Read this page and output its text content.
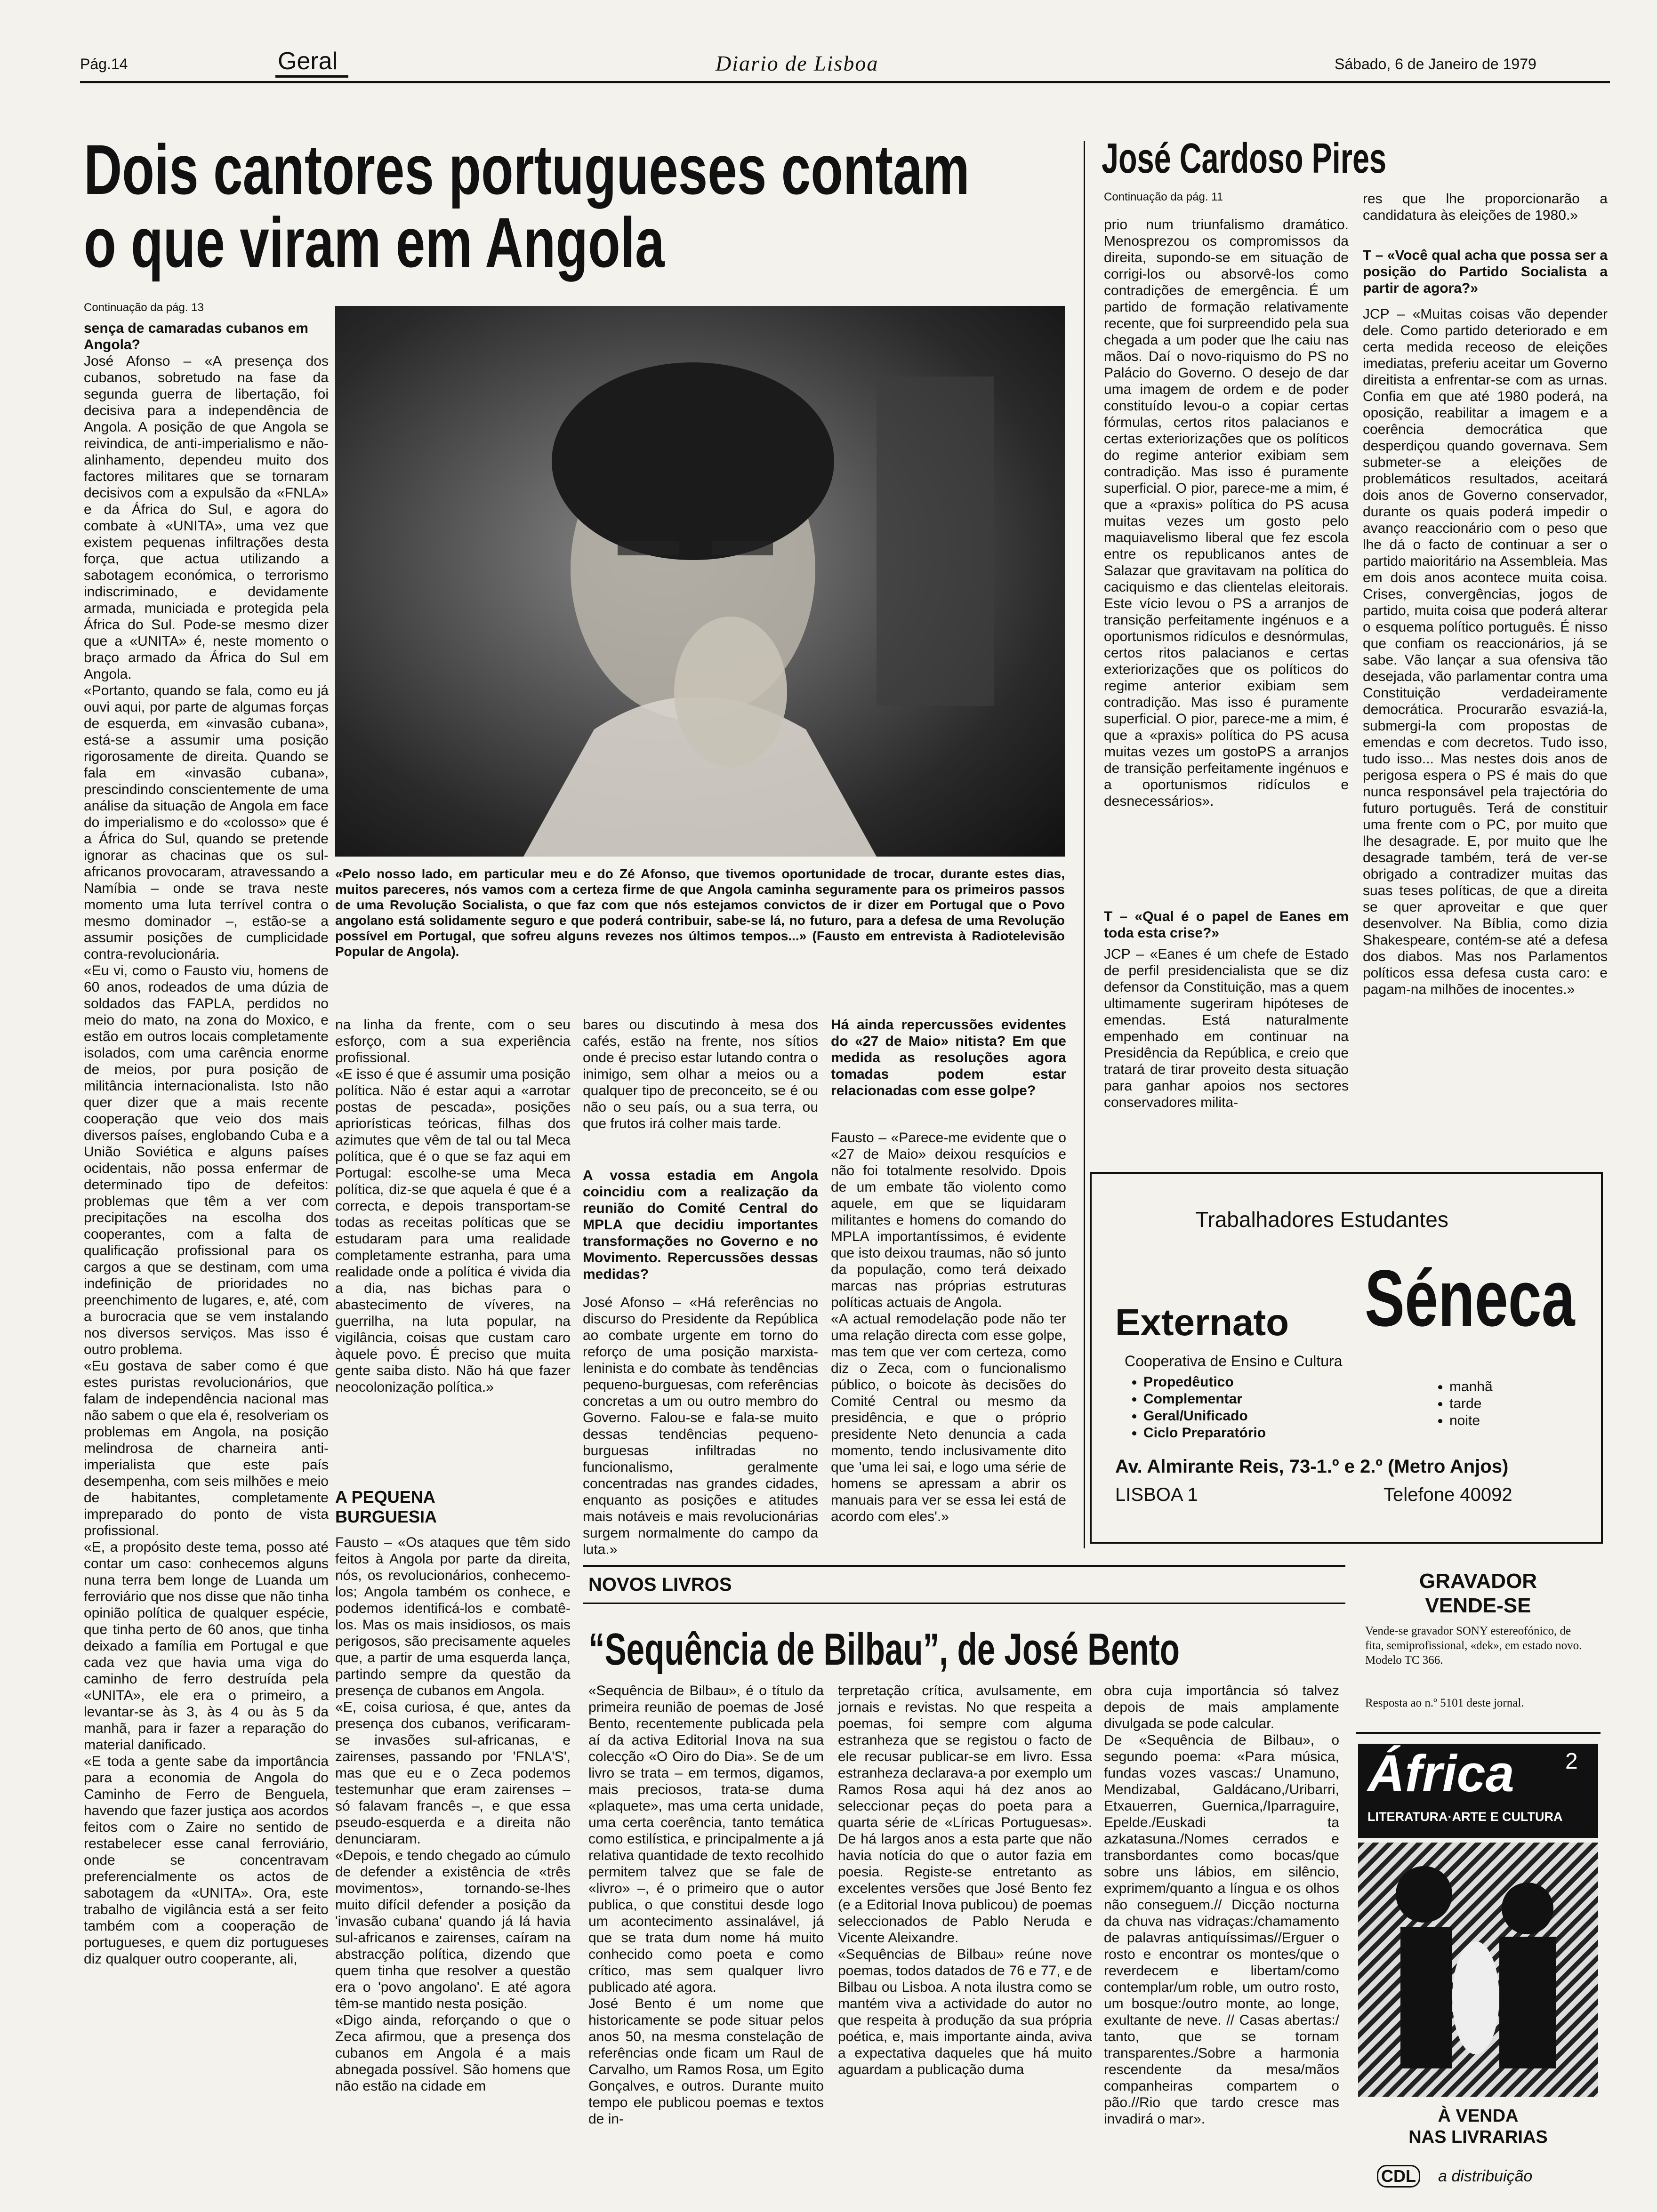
Pág.14	Geral	Diario de Lisboa	Sábado, 6 de Janeiro de 1979
Dois cantores portugueses contam
o que viram em Angola
Continuação da pág. 13
sença de camaradas cubanos em Angola?
José Afonso – «A presença dos cubanos, sobretudo na fase da segunda guerra de libertação, foi decisiva para a independência de Angola. A posição de que Angola se reivindica, de anti-imperialismo e não-alinhamento, dependeu muito dos factores militares que se tornaram decisivos com a expulsão da «FNLA» e da África do Sul, e agora do combate à «UNITA», uma vez que existem pequenas infiltrações desta força, que actua utilizando a sabotagem económica, o terrorismo indiscriminado, e devidamente armada, municiada e protegida pela África do Sul. Pode-se mesmo dizer que a «UNITA» é, neste momento o braço armado da África do Sul em Angola.
«Portanto, quando se fala, como eu já ouvi aqui, por parte de algumas forças de esquerda, em «invasão cubana», está-se a assumir uma posição rigorosamente de direita. Quando se fala em «invasão cubana», prescindindo conscientemente de uma análise da situação de Angola em face do imperialismo e do «colosso» que é a África do Sul, quando se pretende ignorar as chacinas que os sul-africanos provocaram, atravessando a Namíbia – onde se trava neste momento uma luta terrível contra o mesmo dominador –, estão-se a assumir posições de cumplicidade contra-revolucionária.
«Eu vi, como o Fausto viu, homens de 60 anos, rodeados de uma dúzia de soldados das FAPLA, perdidos no meio do mato, na zona do Moxico, e estão em outros locais completamente isolados, com uma carência enorme de meios, por pura posição de militância internacionalista. Isto não quer dizer que a mais recente cooperação que veio dos mais diversos países, englobando Cuba e a União Soviética e alguns países ocidentais, não possa enfermar de determinado tipo de defeitos: problemas que têm a ver com precipitações na escolha dos cooperantes, com a falta de qualificação profissional para os cargos a que se destinam, com uma indefinição de prioridades no preenchimento de lugares, e, até, com a burocracia que se vem instalando nos diversos serviços. Mas isso é outro problema.
«Eu gostava de saber como é que estes puristas revolucionários, que falam de independência nacional mas não sabem o que ela é, resolveriam os problemas em Angola, na posição melindrosa de charneira anti-imperialista que este país desempenha, com seis milhões e meio de habitantes, completamente impreparado do ponto de vista profissional.
«E, a propósito deste tema, posso até contar um caso: conhecemos alguns nuna terra bem longe de Luanda um ferroviário que nos disse que não tinha opinião política de qualquer espécie, que tinha perto de 60 anos, que tinha deixado a família em Portugal e que cada vez que havia uma viga do caminho de ferro destruída pela «UNITA», ele era o primeiro, a levantar-se às 3, às 4 ou às 5 da manhã, para ir fazer a reparação do material danificado.
«E toda a gente sabe da importância para a economia de Angola do Caminho de Ferro de Benguela, havendo que fazer justiça aos acordos feitos com o Zaire no sentido de restabelecer esse canal ferroviário, onde se concentravam preferencialmente os actos de sabotagem da «UNITA». Ora, este trabalho de vigilância está a ser feito também com a cooperação de portugueses, e quem diz portugueses diz qualquer outro cooperante, ali,
«Pelo nosso lado, em particular meu e do Zé Afonso, que tivemos oportunidade de trocar, durante estes dias, muitos pareceres, nós vamos com a certeza firme de que Angola caminha seguramente para os primeiros passos de uma Revolução Socialista, o que faz com que nós estejamos convictos de ir dizer em Portugal que o Povo angolano está solidamente seguro e que poderá contribuir, sabe-se lá, no futuro, para a defesa de uma Revolução possível em Portugal, que sofreu alguns revezes nos últimos tempos...» (Fausto em entrevista à Radiotelevisão Popular de Angola).
na linha da frente, com o seu esforço, com a sua experiência profissional.
«E isso é que é assumir uma posição política. Não é estar aqui a «arrotar postas de pescada», posições apriorísticas teóricas, filhas dos azimutes que vêm de tal ou tal Meca política, que é o que se faz aqui em Portugal: escolhe-se uma Meca política, diz-se que aquela é que é a correcta, e depois transportam-se todas as receitas políticas que se estudaram para uma realidade completamente estranha, para uma realidade onde a política é vivida dia a dia, nas bichas para o abastecimento de víveres, na guerrilha, na luta popular, na vigilância, coisas que custam caro àquele povo. É preciso que muita gente saiba disto. Não há que fazer neocolonização política.»
A PEQUENA BURGUESIA
Fausto – «Os ataques que têm sido feitos à Angola por parte da direita, nós, os revolucionários, conhecemo-los; Angola também os conhece, e podemos identificá-los e combatê-los. Mas os mais insidiosos, os mais perigosos, são precisamente aqueles que, a partir de uma esquerda lança, partindo sempre da questão da presença de cubanos em Angola.
«E, coisa curiosa, é que, antes da presença dos cubanos, verificaram-se invasões sul-africanas, e zairenses, passando por 'FNLA'S', mas que eu e o Zeca podemos testemunhar que eram zairenses – só falavam francês –, e que essa pseudo-esquerda e a direita não denunciaram.
«Depois, e tendo chegado ao cúmulo de defender a existência de «três movimentos», tornando-se-lhes muito difícil defender a posição da 'invasão cubana' quando já lá havia sul-africanos e zairenses, caíram na abstracção política, dizendo que quem tinha que resolver a questão era o 'povo angolano'. E até agora têm-se mantido nesta posição.
«Digo ainda, reforçando o que o Zeca afirmou, que a presença dos cubanos em Angola é a mais abnegada possível. São homens que não estão na cidade em
bares ou discutindo à mesa dos cafés, estão na frente, nos sítios onde é preciso estar lutando contra o inimigo, sem olhar a meios ou a qualquer tipo de preconceito, se é ou não o seu país, ou a sua terra, ou que frutos irá colher mais tarde.
A vossa estadia em Angola coincidiu com a realização da reunião do Comité Central do MPLA que decidiu importantes transformações no Governo e no Movimento. Repercussões dessas medidas?
José Afonso – «Há referências no discurso do Presidente da República ao combate urgente em torno do reforço de uma posição marxista-leninista e do combate às tendências pequeno-burguesas, com referências concretas a um ou outro membro do Governo. Falou-se e fala-se muito dessas tendências pequeno-burguesas infiltradas no funcionalismo, geralmente concentradas nas grandes cidades, enquanto as posições e atitudes mais notáveis e mais revolucionárias surgem normalmente do campo da luta.»
Há ainda repercussões evidentes do «27 de Maio» nitista? Em que medida as resoluções agora tomadas podem estar relacionadas com esse golpe?
Fausto – «Parece-me evidente que o «27 de Maio» deixou resquícios e não foi totalmente resolvido. Dpois de um embate tão violento como aquele, em que se liquidaram militantes e homens do comando do MPLA importantíssimos, é evidente que isto deixou traumas, não só junto da população, como terá deixado marcas nas próprias estruturas políticas actuais de Angola.
«A actual remodelação pode não ter uma relação directa com esse golpe, mas tem que ver com certeza, como diz o Zeca, com o funcionalismo público, o boicote às decisões do Comité Central ou mesmo da presidência, e que o próprio presidente Neto denuncia a cada momento, tendo inclusivamente dito que 'uma lei sai, e logo uma série de homens se apressam a abrir os manuais para ver se essa lei está de acordo com eles'.»
José Cardoso Pires
Continuação da pág. 11
prio num triunfalismo dramático. Menosprezou os compromissos da direita, supondo-se em situação de corrigi-los ou absorvê-los como contradições de emergência. É um partido de formação relativamente recente, que foi surpreendido pela sua chegada a um poder que lhe caiu nas mãos. Daí o novo-riquismo do PS no Palácio do Governo. O desejo de dar uma imagem de ordem e de poder constituído levou-o a copiar certas fórmulas, certos ritos palacianos e certas exteriorizações que os políticos do regime anterior exibiam sem contradição. Mas isso é puramente superficial. O pior, parece-me a mim, é que a «praxis» política do PS acusa muitas vezes um gosto pelo maquiavelismo liberal que fez escola entre os republicanos antes de Salazar que gravitavam na política do caciquismo e das clientelas eleitorais. Este vício levou o PS a arranjos de transição perfeitamente ingénuos e a oportunismos ridículos e desnórmulas, certos ritos palacianos e certas exteriorizações que os políticos do regime anterior exibiam sem contradição. Mas isso é puramente superficial. O pior, parece-me a mim, é que a «praxis» política do PS acusa muitas vezes um gostoPS a arranjos de transição perfeitamente ingénuos e a oportunismos ridículos e desnecessários».
T – «Qual é o papel de Eanes em toda esta crise?»
JCP – «Eanes é um chefe de Estado de perfil presidencialista que se diz defensor da Constituição, mas a quem ultimamente sugeriram hipóteses de emendas. Está naturalmente empenhado em continuar na Presidência da República, e creio que tratará de tirar proveito desta situação para ganhar apoios nos sectores conservadores milita-
res que lhe proporcionarão a candidatura às eleições de 1980.»
T – «Você qual acha que possa ser a posição do Partido Socialista a partir de agora?»
JCP – «Muitas coisas vão depender dele. Como partido deteriorado e em certa medida receoso de eleições imediatas, preferiu aceitar um Governo direitista a enfrentar-se com as urnas. Confia em que até 1980 poderá, na oposição, reabilitar a imagem e a coerência democrática que desperdiçou quando governava. Sem submeter-se a eleições de problemáticos resultados, aceitará dois anos de Governo conservador, durante os quais poderá impedir o avanço reaccionário com o peso que lhe dá o facto de continuar a ser o partido maioritário na Assembleia. Mas em dois anos acontece muita coisa. Crises, convergências, jogos de partido, muita coisa que poderá alterar o esquema político português. É nisso que confiam os reaccionários, já se sabe. Vão lançar a sua ofensiva tão desejada, vão parlamentar contra uma Constituição verdadeiramente democrática. Procurarão esvaziá-la, submergi-la com propostas de emendas e com decretos. Tudo isso, tudo isso... Mas nestes dois anos de perigosa espera o PS é mais do que nunca responsável pela trajectória do futuro português. Terá de constituir uma frente com o PC, por muito que lhe desagrade. E, por muito que lhe desagrade também, terá de ver-se obrigado a contradizer muitas das suas teses políticas, de que a direita se quer aproveitar e que quer desenvolver. Na Bíblia, como dizia Shakespeare, contém-se até a defesa dos diabos. Mas nos Parlamentos políticos essa defesa custa caro: e pagam-na milhões de inocentes.»
Trabalhadores Estudantes
Externato Séneca
Cooperativa de Ensino e Cultura
• Propedêutico
• Complementar
• Geral/Unificado
• Ciclo Preparatório
• manhã
• tarde
• noite
Av. Almirante Reis, 73-1.º e 2.º (Metro Anjos)
LISBOA 1	Telefone 40092
NOVOS LIVROS
“Sequência de Bilbau”, de José Bento
«Sequência de Bilbau», é o título da primeira reunião de poemas de José Bento, recentemente publicada pela aí da activa Editorial Inova na sua colecção «O Oiro do Dia». Se de um livro se trata – em termos, digamos, mais preciosos, trata-se duma «plaquete», mas uma certa unidade, uma certa coerência, tanto temática como estilística, e principalmente a já relativa quantidade de texto recolhido permitem talvez que se fale de «livro» –, é o primeiro que o autor publica, o que constitui desde logo um acontecimento assinalável, já que se trata dum nome há muito conhecido como poeta e como crítico, mas sem qualquer livro publicado até agora.
José Bento é um nome que historicamente se pode situar pelos anos 50, na mesma constelação de referências onde ficam um Raul de Carvalho, um Ramos Rosa, um Egito Gonçalves, e outros. Durante muito tempo ele publicou poemas e textos de in-
terpretação crítica, avulsamente, em jornais e revistas. No que respeita a poemas, foi sempre com alguma estranheza que se registou o facto de ele recusar publicar-se em livro. Essa estranheza declarava-a por exemplo um Ramos Rosa aqui há dez anos ao seleccionar peças do poeta para a quarta série de «Líricas Portuguesas». De há largos anos a esta parte que não havia notícia do que o autor fazia em poesia. Registe-se entretanto as excelentes versões que José Bento fez (e a Editorial Inova publicou) de poemas seleccionados de Pablo Neruda e Vicente Aleixandre.
«Sequências de Bilbau» reúne nove poemas, todos datados de 76 e 77, e de Bilbau ou Lisboa. A nota ilustra como se mantém viva a actividade do autor no que respeita à produção da sua própria poética, e, mais importante ainda, aviva a expectativa daqueles que há muito aguardam a publicação duma
obra cuja importância só talvez depois de mais amplamente divulgada se pode calcular.
De «Sequência de Bilbau», o segundo poema: «Para música, fundas vozes vascas:/ Unamuno, Mendizabal, Galdácano,/Uribarri, Etxauerren, Guernica,/Iparraguire, Epelde./Euskadi ta azkatasuna./Nomes cerrados e transbordantes como bocas/que sobre uns lábios, em silêncio, exprimem/quanto a língua e os olhos não conseguem.// Dicção nocturna da chuva nas vidraças:/chamamento de palavras antiquíssimas//Erguer o rosto e encontrar os montes/que o reverdecem e libertam/como contemplar/um roble, um outro rosto, um bosque:/outro monte, ao longe, exultante de neve. // Casas abertas:/ tanto, que se tornam transparentes./Sobre a harmonia rescendente da mesa/mãos companheiras compartem o pão.//Rio que tardo cresce mas invadirá o mar».
GRAVADOR
VENDE-SE
Vende-se gravador SONY estereofónico, de fita, semiprofissional, «dek», em estado novo. Modelo TC 366.
Resposta ao n.º 5101 deste jornal.
África 2
LITERATURA·ARTE E CULTURA
À VENDA
NAS LIVRARIAS
CDL a distribuição
